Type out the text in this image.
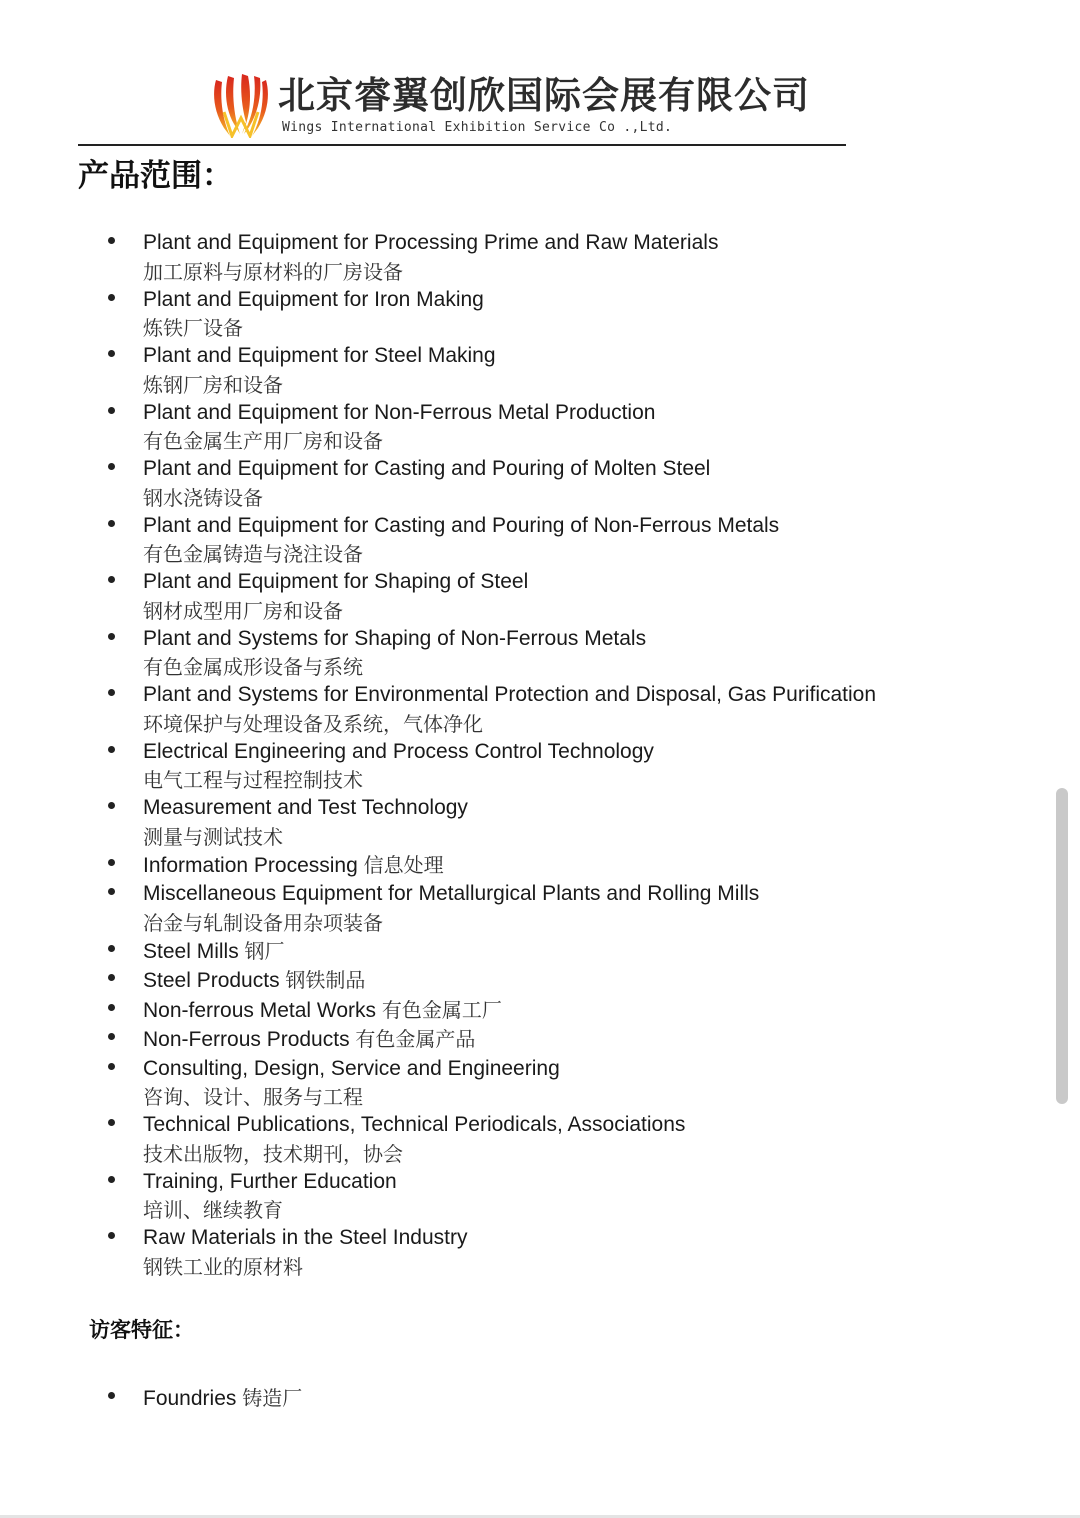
北京睿翼创欣国际会展有限公司
Wings International Exhibition Service Co .,Ltd.
产品范围：
Plant and Equipment for Processing Prime and Raw Materials
加工原料与原材料的厂房设备
Plant and Equipment for Iron Making
炼铁厂设备
Plant and Equipment for Steel Making
炼钢厂房和设备
Plant and Equipment for Non-Ferrous Metal Production
有色金属生产用厂房和设备
Plant and Equipment for Casting and Pouring of Molten Steel
钢水浇铸设备
Plant and Equipment for Casting and Pouring of Non-Ferrous Metals
有色金属铸造与浇注设备
Plant and Equipment for Shaping of Steel
钢材成型用厂房和设备
Plant and Systems for Shaping of Non-Ferrous Metals
有色金属成形设备与系统
Plant and Systems for Environmental Protection and Disposal, Gas Purification
环境保护与处理设备及系统，气体净化
Electrical Engineering and Process Control Technology
电气工程与过程控制技术
Measurement and Test Technology
测量与测试技术
Information Processing 信息处理
Miscellaneous Equipment for Metallurgical Plants and Rolling Mills
冶金与轧制设备用杂项装备
Steel Mills 钢厂
Steel Products 钢铁制品
Non-ferrous Metal Works 有色金属工厂
Non-Ferrous Products 有色金属产品
Consulting, Design, Service and Engineering
咨询、设计、服务与工程
Technical Publications, Technical Periodicals, Associations
技术出版物，技术期刊，协会
Training, Further Education
培训、继续教育
Raw Materials in the Steel Industry
钢铁工业的原材料
访客特征：
Foundries 铸造厂
